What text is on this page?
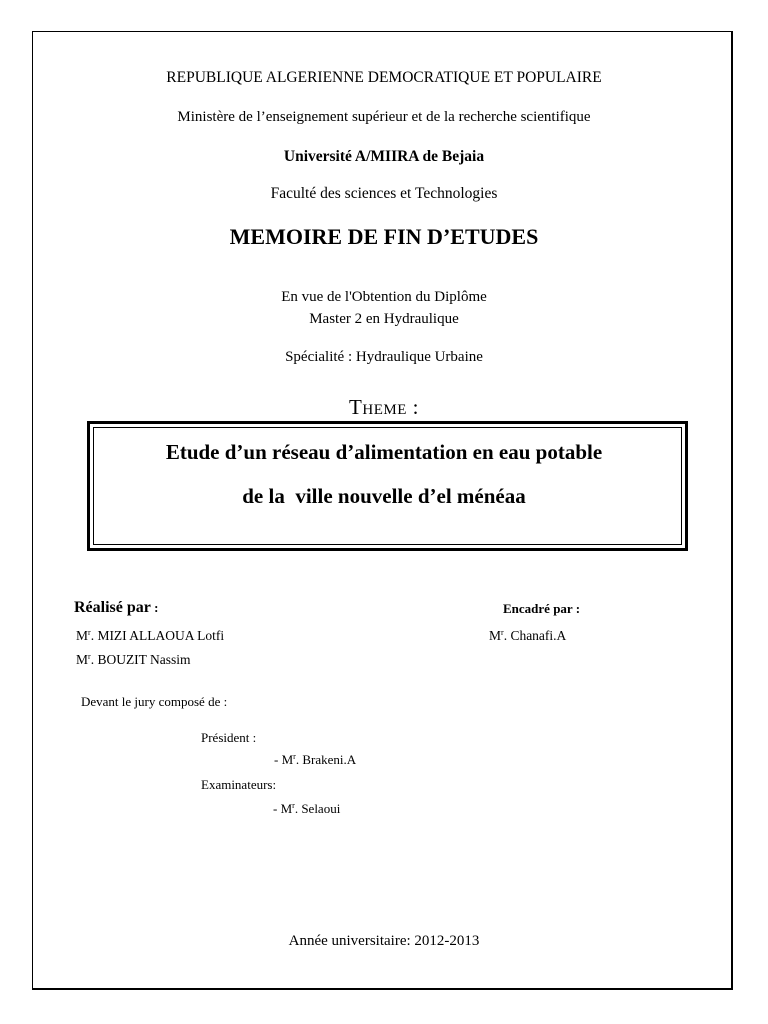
REPUBLIQUE ALGERIENNE DEMOCRATIQUE ET POPULAIRE
Ministère de l’enseignement supérieur et de la recherche scientifique
Université A/MIIRA de Bejaia
Faculté des sciences et Technologies
MEMOIRE DE FIN D’ETUDES
En vue de l'Obtention du Diplôme
Master 2 en Hydraulique
Spécialité : Hydraulique Urbaine
Theme :
Etude d’un réseau d’alimentation en eau potable
de la  ville nouvelle d’el ménéaa
Réalisé par :	Encadré par :
$M^r$. MIZI ALLAOUA Lotfi
$M^r$. BOUZIT Nassim
$M^r$. Chanafi.A
Devant le jury composé de :
Président :
- $M^r$. Brakeni.A
Examinateurs:
- $M^r$. Selaoui
Année universitaire: 2012-2013
